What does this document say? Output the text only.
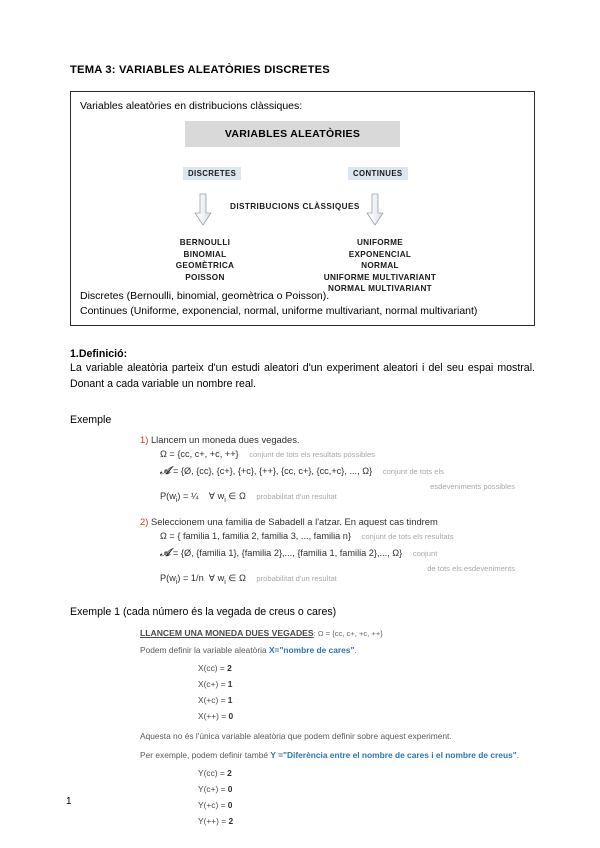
TEMA 3: VARIABLES ALEATÒRIES DISCRETES
Variables aleatòries en distribucions clàssiques:
VARIABLES ALEATÒRIES
DISCRETES	CONTINUES
DISTRIBUCIONS CLÀSSIQUES
BERNOULLI
BINOMIAL
GEOMÈTRICA
POISSON
UNIFORME
EXPONENCIAL
NORMAL
UNIFORME MULTIVARIANT
NORMAL MULTIVARIANT
Discretes (Bernoulli, binomial, geomètrica o Poisson).
Continues (Uniforme, exponencial, normal, uniforme multivariant, normal multivariant)
1.Definició:
La variable aleatòria parteix d'un estudi aleatori d'un experiment aleatori i del seu espai mostral. Donant a cada variable un nombre real.
Exemple
1) Llancem un moneda dues vegades.
Ω = {cc, c+, +c, ++} conjunt de tots els resultats possibles
𝒜 = {Ø, {cc}, {c+}, {+c}, {++}, {cc, c+}, {cc,+c}, ..., Ω} conjunt de tots els
esdeveniments possibles
$P(w_i)$ = ¼    ∀ $w_i$ ∈ Ω probabilitat d'un resultat
2) Seleccionem una familia de Sabadell a l'atzar. En aquest cas tindrem
Ω = { familia 1, familia 2, familia 3, ..., familia n} conjunt de tots els resultats
𝒜 = {Ø, {familia 1}, {familia 2},..., {familia 1, familia 2},..., Ω} conjunt
de tots els esdeveniments
$P(w_i) = 1/n$  ∀ $w_i$ ∈ Ω probabilitat d'un resultat
Exemple 1 (cada número és la vegada de creus o cares)
LLANCEM UNA MONEDA DUES VEGADES: Ω = {cc, c+, +c, ++}
Podem definir la variable aleatòria X="nombre de cares".
X(cc) = 2
X(c+) = 1
X(+c) = 1
X(++) = 0
Aquesta no és l'única variable aleatòria que podem definir sobre aquest experiment.
Per exemple, podem definir també Y ="Diferència entre el nombre de cares i el nombre de creus".
Y(cc) = 2
Y(c+) = 0
Y(+c) = 0
Y(++) = 2
1
